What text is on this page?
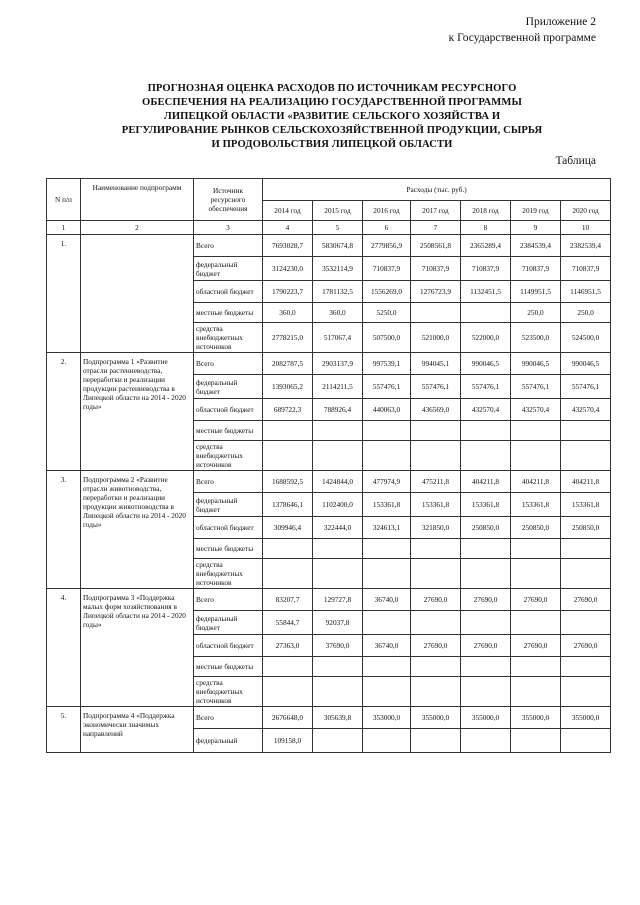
Приложение 2
к Государственной программе
ПРОГНОЗНАЯ ОЦЕНКА РАСХОДОВ ПО ИСТОЧНИКАМ РЕСУРСНОГО
ОБЕСПЕЧЕНИЯ НА РЕАЛИЗАЦИЮ ГОСУДАРСТВЕННОЙ ПРОГРАММЫ
ЛИПЕЦКОЙ ОБЛАСТИ «РАЗВИТИЕ СЕЛЬСКОГО ХОЗЯЙСТВА И
РЕГУЛИРОВАНИЕ РЫНКОВ СЕЛЬСКОХОЗЯЙСТВЕННОЙ ПРОДУКЦИИ, СЫРЬЯ
И ПРОДОВОЛЬСТВИЯ ЛИПЕЦКОЙ ОБЛАСТИ
Таблица
N п/п	Наименование подпрограмм	Источник ресурсного обеспечения	Расходы (тыс. руб.)						
			2014 год	2015 год	2016 год	2017 год	2018 год	2019 год	2020 год
1	2	3	4	5	6	7	8	9	10
1.		Всего	7693028,7	5830674,8	2779856,9	2508561,8	2365289,4	2384539,4	2382539,4
		федеральный бюджет	3124230,0	3532114,9	710837,9	710837,9	710837,9	710837,9	710837,9
		областной бюджет	1790223,7	1781132,5	1556269,0	1276723,9	1132451,5	1149951,5	1146951,5
		местные бюджеты	360,0	360,0	5250,0			250,0	250,0
		средства внебюджетных источников	2778215,0	517067,4	507500,0	521000,0	522000,0	523500,0	524500,0
2.	Подпрограмма 1 «Развитие отрасли растениеводства, переработки и реализации продукции растениеводства в Липецкой области на 2014 - 2020 годы»	Всего	2082787,5	2903137,9	997539,1	994045,1	990046,5	990046,5	990046,5
		федеральный бюджет	1393065,2	2114211,5	557476,1	557476,1	557476,1	557476,1	557476,1
		областной бюджет	689722,3	788926,4	440063,0	436569,0	432570,4	432570,4	432570,4
		местные бюджеты							
		средства внебюджетных источников							
3.	Подпрограмма 2 «Развитие отрасли животноводства, переработки и реализации продукции животноводства в Липецкой области на 2014 - 2020 годы»	Всего	1688592,5	1424844,0	477974,9	475211,8	404211,8	404211,8	404211,8
		федеральный бюджет	1378646,1	1102400,0	153361,8	153361,8	153361,8	153361,8	153361,8
		областной бюджет	309946,4	322444,0	324613,1	321850,0	250850,0	250850,0	250850,0
		местные бюджеты							
		средства внебюджетных источников							
4.	Подпрограмма 3 «Поддержка малых форм хозяйствования в Липецкой области на 2014 - 2020 годы»	Всего	83207,7	129727,8	36740,0	27690,0	27690,0	27690,0	27690,0
		федеральный бюджет	55844,7	92037,8					
		областной бюджет	27363,0	37690,0	36740,0	27690,0	27690,0	27690,0	27690,0
		местные бюджеты							
		средства внебюджетных источников							
5.	Подпрограмма 4 «Поддержка экономически значимых направлений	Всего	2676648,0	305639,8	353000,0	355000,0	355000,0	355000,0	355000,0
		федеральный	109158,0						
